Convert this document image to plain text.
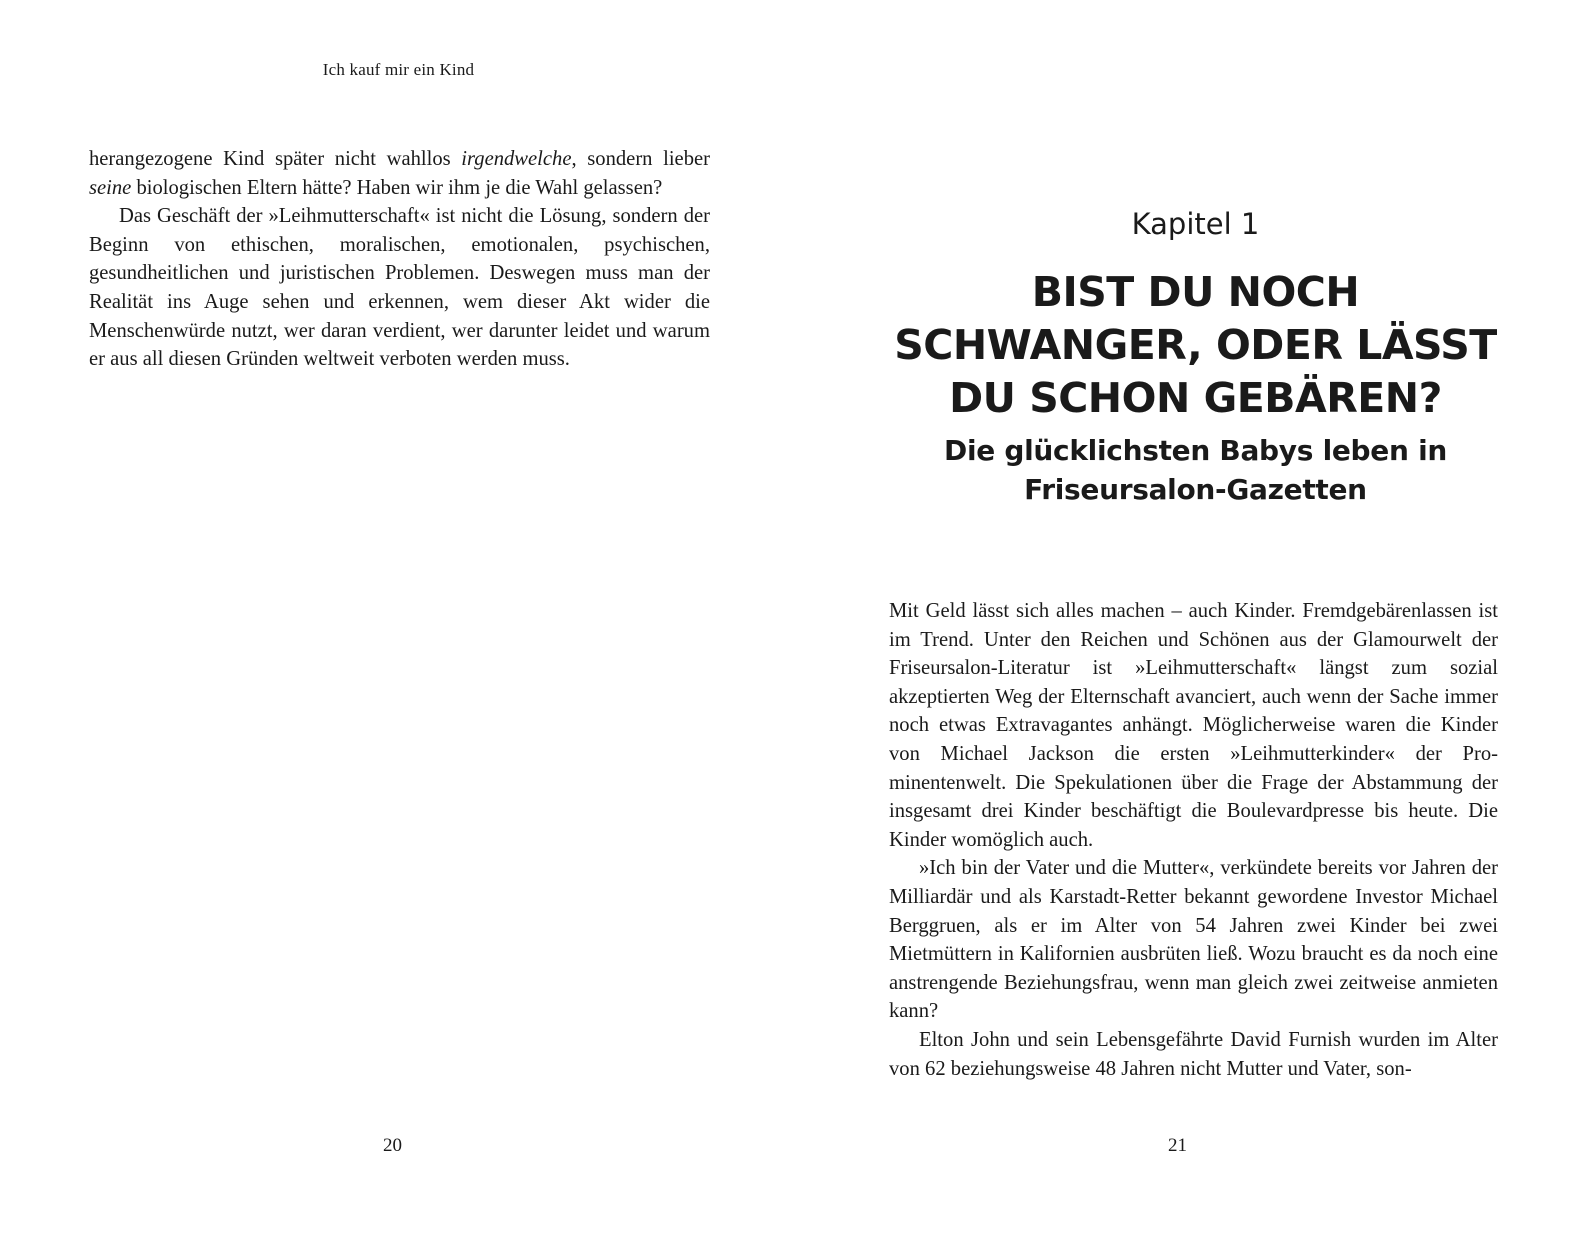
Ich kauf mir ein Kind

herangezogene Kind später nicht wahllos irgendwelche, sondern lieber seine biologischen Eltern hätte? Haben wir ihm je die Wahl gelassen?

Das Geschäft der »Leihmutterschaft« ist nicht die Lösung, sondern der Beginn von ethischen, moralischen, emotionalen, psychischen, gesundheitlichen und juristischen Problemen. Deswegen muss man der Realität ins Auge sehen und erkennen, wem dieser Akt wider die Menschenwürde nutzt, wer daran verdient, wer darunter leidet und warum er aus all diesen Gründen weltweit verboten werden muss.

20
Kapitel 1
BIST DU NOCH
SCHWANGER, ODER LÄSST
DU SCHON GEBÄREN?
Die glücklichsten Babys leben in
Friseursalon-Gazetten

Mit Geld lässt sich alles machen – auch Kinder. Fremdgebärenlassen ist im Trend. Unter den Reichen und Schönen aus der Glamourwelt der Friseursalon-Literatur ist »Leihmutterschaft« längst zum sozial akzeptierten Weg der Elternschaft avanciert, auch wenn der Sache immer noch etwas Extravagantes anhängt. Möglicherweise waren die Kinder von Michael Jackson die ersten »Leihmutterkinder« der Prominentenwelt. Die Spekulationen über die Frage der Abstammung der insgesamt drei Kinder beschäftigt die Boulevardpresse bis heute. Die Kinder womöglich auch.

»Ich bin der Vater und die Mutter«, verkündete bereits vor Jahren der Milliardär und als Karstadt-Retter bekannt gewordene Investor Michael Berggruen, als er im Alter von 54 Jahren zwei Kinder bei zwei Mietmüttern in Kalifornien ausbrüten ließ. Wozu braucht es da noch eine anstrengende Beziehungsfrau, wenn man gleich zwei zeitweise anmieten kann?

Elton John und sein Lebensgefährte David Furnish wurden im Alter von 62 beziehungsweise 48 Jahren nicht Mutter und Vater, son-

21
